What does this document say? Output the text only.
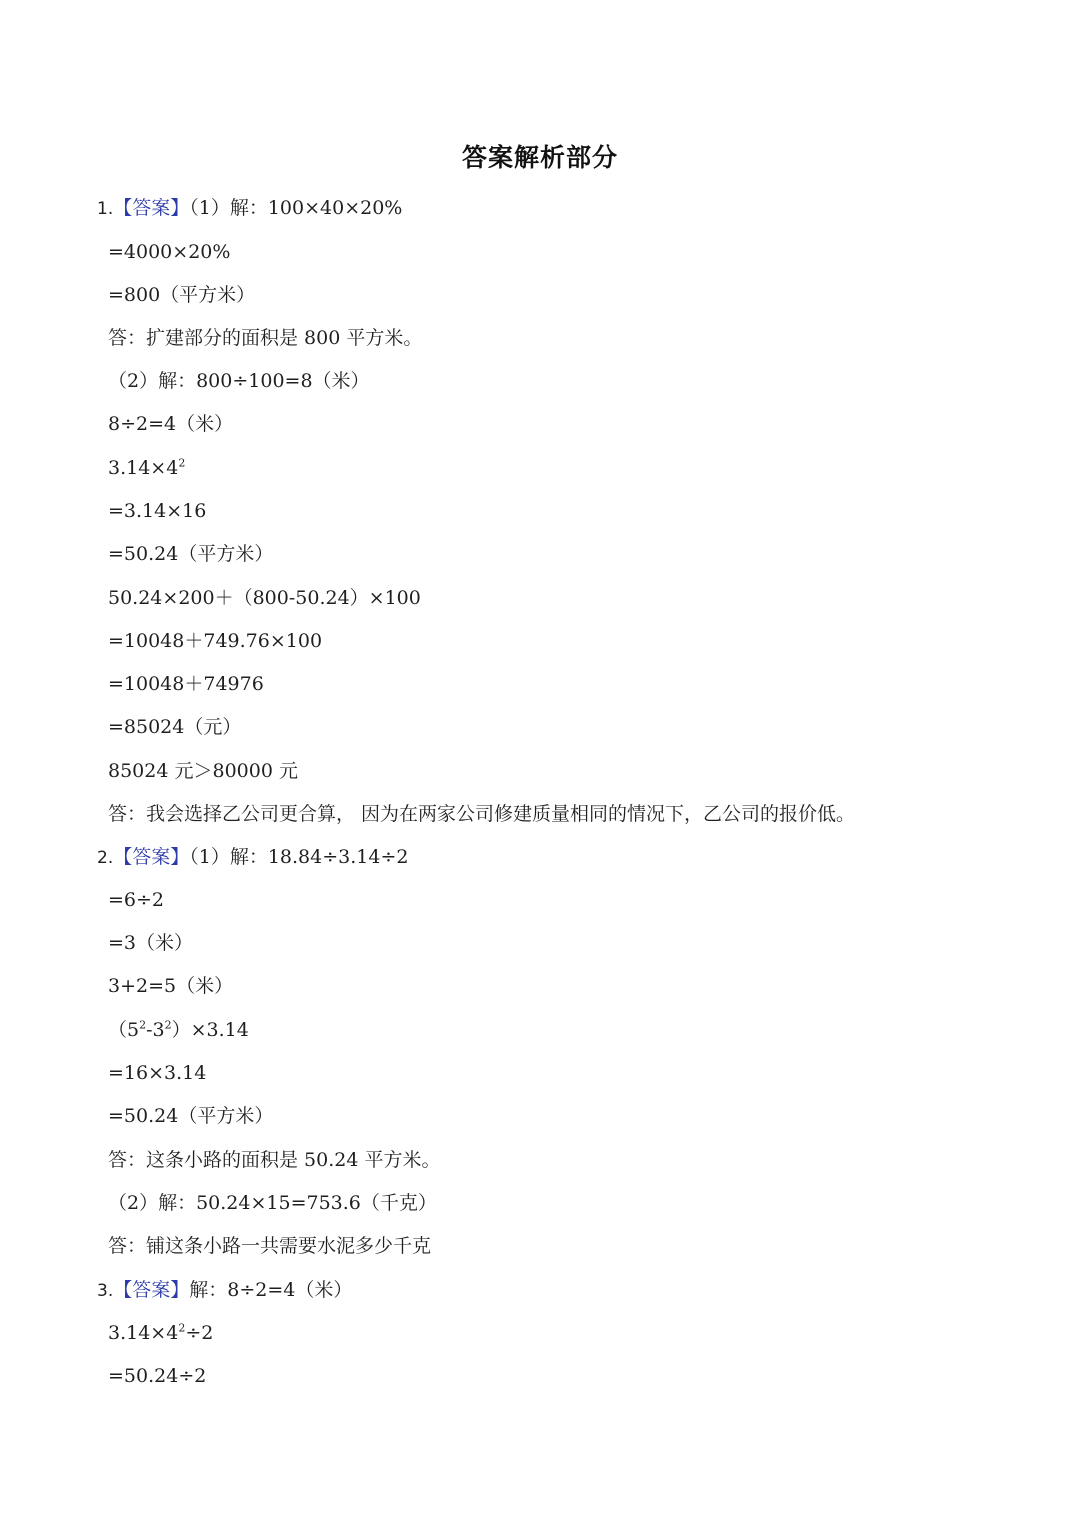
答案解析部分
1.【答案】（1）解：100×40×20%
=4000×20%
=800（平方米）
答：扩建部分的面积是 800 平方米。
（2）解：800÷100=8（米）
8÷2=4（米）
$3.14\times 4^2$
=3.14×16
=50.24（平方米）
50.24×200＋（800-50.24）×100
=10048＋749.76×100
=10048＋74976
=85024（元）
85024 元＞80000 元
答：我会选择乙公司更合算， 因为在两家公司修建质量相同的情况下，乙公司的报价低。
2.【答案】（1）解：18.84÷3.14÷2
=6÷2
=3（米）
3+2=5（米）
$(5^2-3^2)\times 3.14$
=16×3.14
=50.24（平方米）
答：这条小路的面积是 50.24 平方米。
（2）解：50.24×15=753.6（千克）
答：铺这条小路一共需要水泥多少千克
3.【答案】解：8÷2=4（米）
$3.14\times 4^2\div 2$
=50.24÷2
